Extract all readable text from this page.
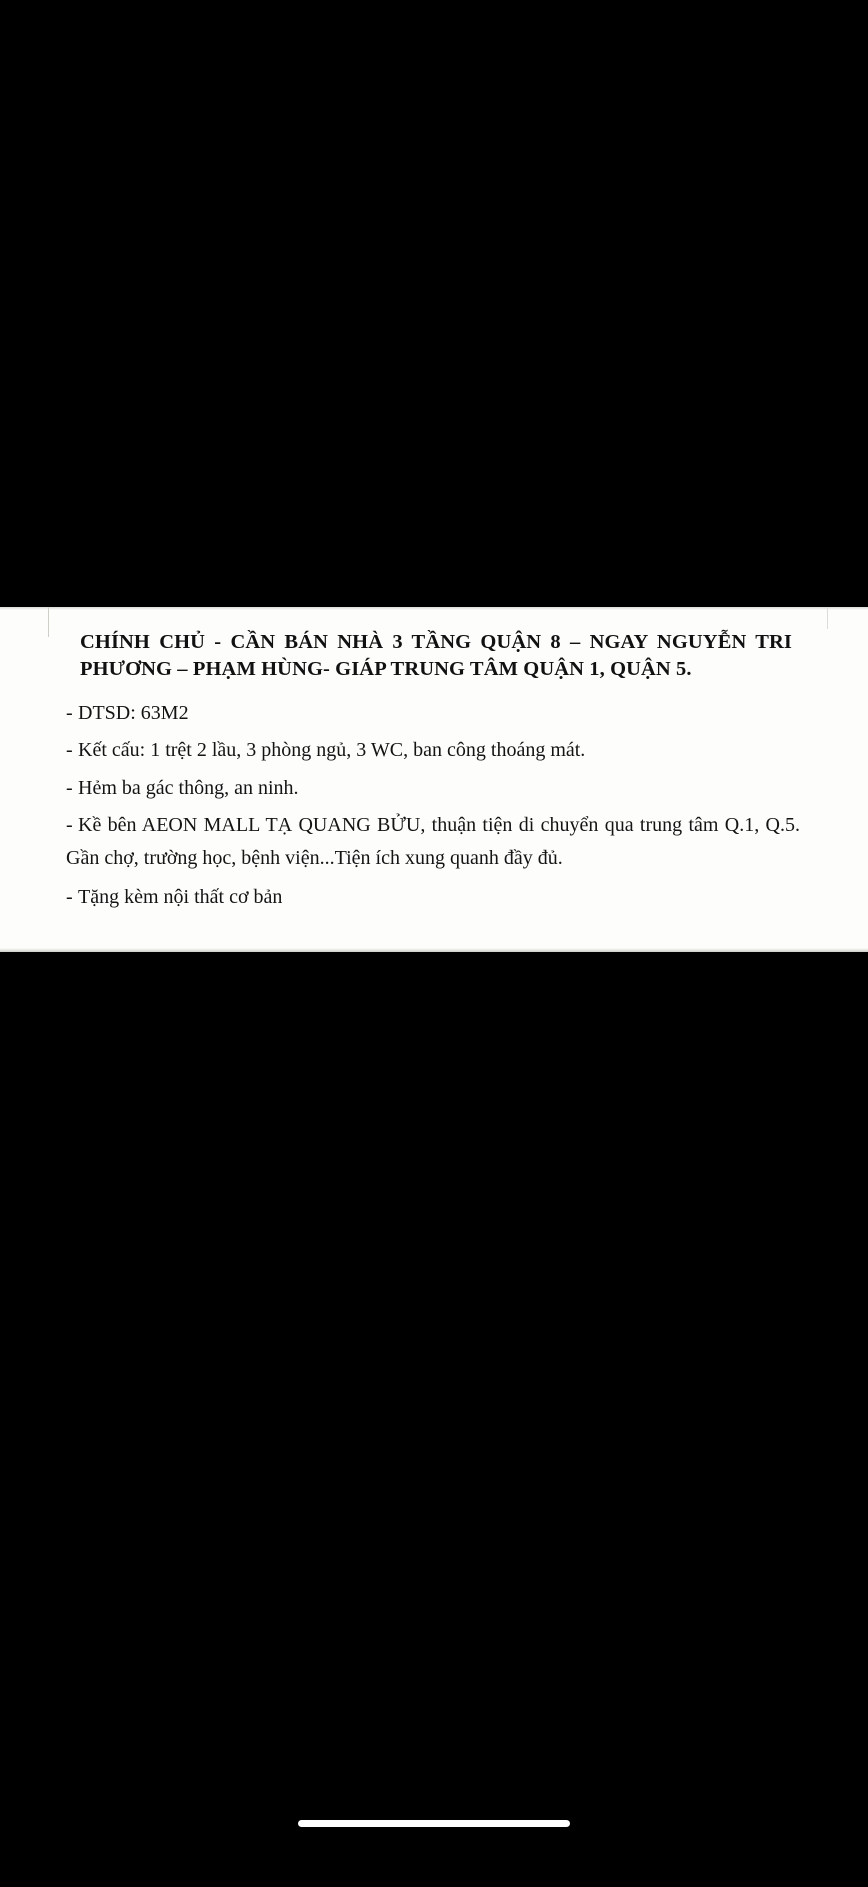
CHÍNH CHỦ - CẦN BÁN NHÀ 3 TẦNG QUẬN 8 – NGAY NGUYỄN TRI PHƯƠNG – PHẠM HÙNG- GIÁP TRUNG TÂM QUẬN 1, QUẬN 5.

- DTSD: 63M2

- Kết cấu: 1 trệt 2 lầu, 3 phòng ngủ, 3 WC, ban công thoáng mát.

- Hẻm ba gác thông, an ninh.

- Kề bên AEON MALL TẠ QUANG BỬU, thuận tiện di chuyển qua trung tâm Q.1, Q.5. Gần chợ, trường học, bệnh viện...Tiện ích xung quanh đầy đủ.

- Tặng kèm nội thất cơ bản
